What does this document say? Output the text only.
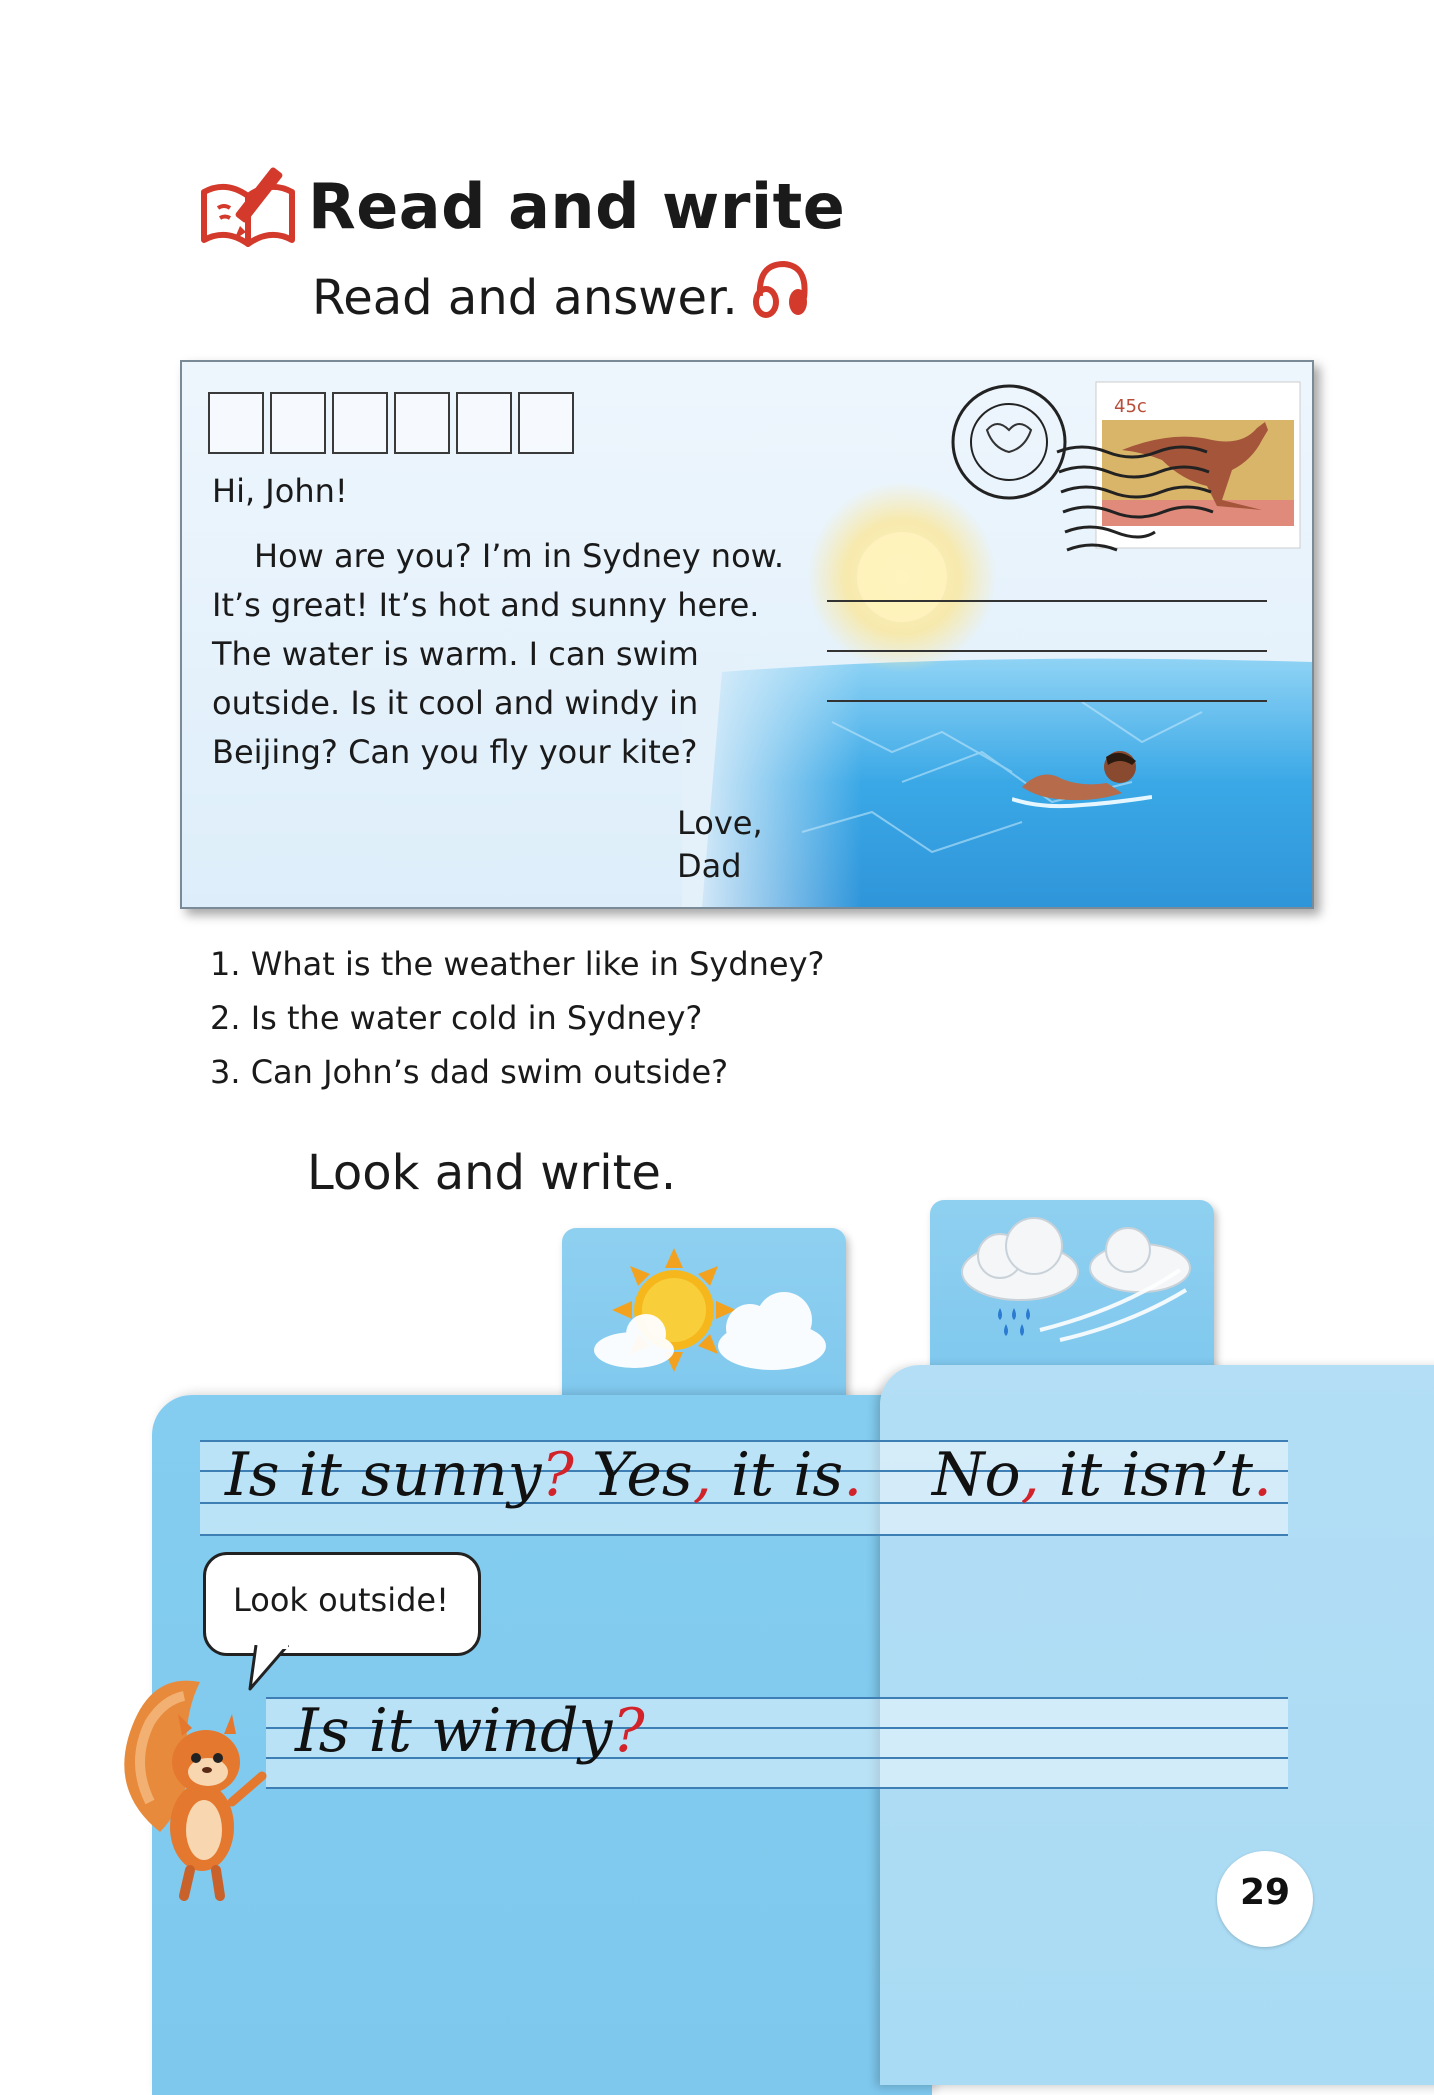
Read and write
Read and answer.
45c

Hi, John!

How are you? I’m in Sydney now. It’s great! It’s hot and sunny here. The water is warm. I can swim outside. Is it cool and windy in Beijing? Can you fly your kite?

Love,
Dad
1. What is the weather like in Sydney?
2. Is the water cold in Sydney?
3. Can John’s dad swim outside?
Look and write.
Is it sunny? Yes, it is. No, it isn’t.
Look outside!
Is it windy?
29
